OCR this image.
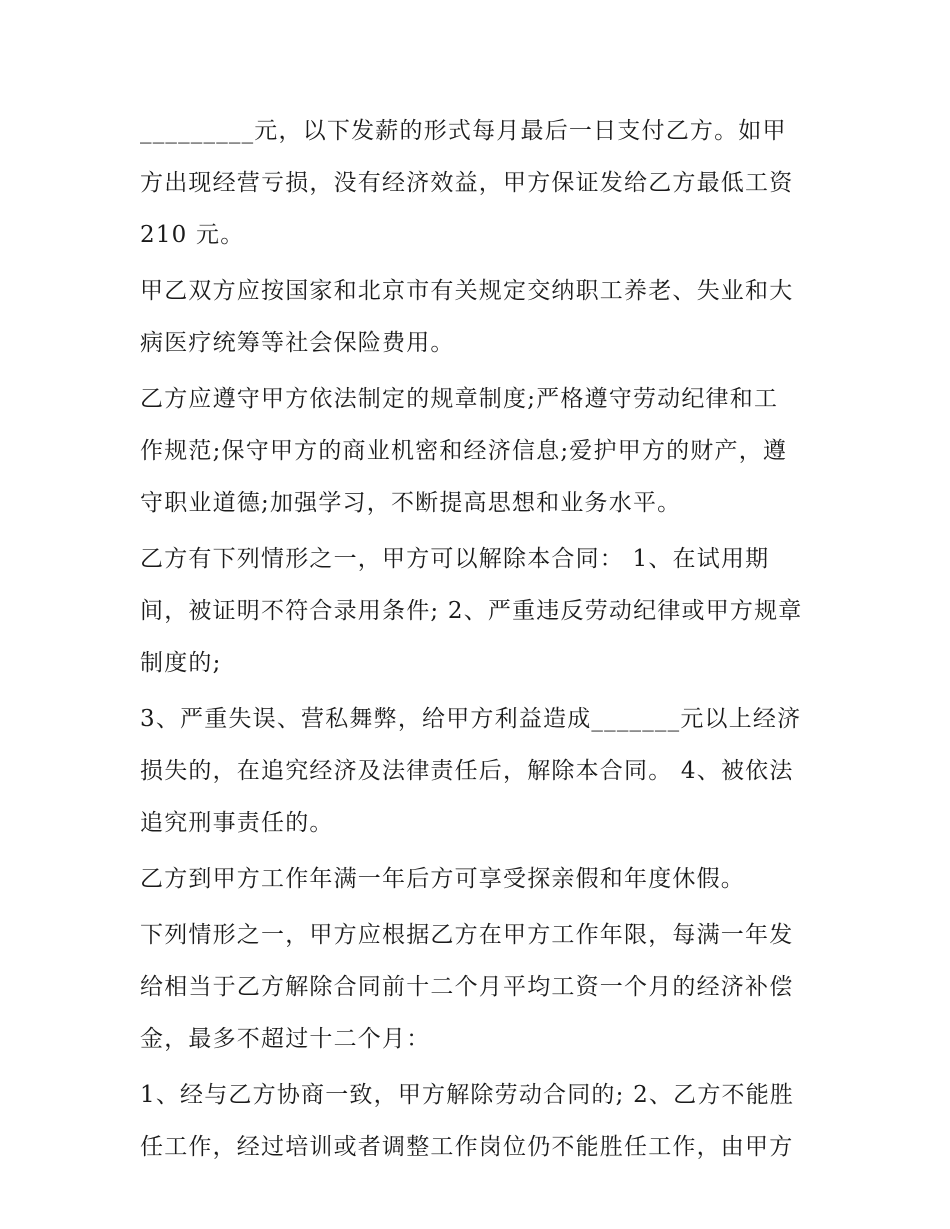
_________元，以下发薪的形式每月最后一日支付乙方。如甲
方出现经营亏损，没有经济效益，甲方保证发给乙方最低工资
210 元。

甲乙双方应按国家和北京市有关规定交纳职工养老、失业和大
病医疗统筹等社会保险费用。

乙方应遵守甲方依法制定的规章制度;严格遵守劳动纪律和工
作规范;保守甲方的商业机密和经济信息;爱护甲方的财产，遵
守职业道德;加强学习，不断提高思想和业务水平。

乙方有下列情形之一，甲方可以解除本合同： 1、在试用期
间，被证明不符合录用条件; 2、严重违反劳动纪律或甲方规章
制度的;

3、严重失误、营私舞弊，给甲方利益造成_______元以上经济
损失的，在追究经济及法律责任后，解除本合同。 4、被依法
追究刑事责任的。

乙方到甲方工作年满一年后方可享受探亲假和年度休假。

下列情形之一，甲方应根据乙方在甲方工作年限，每满一年发
给相当于乙方解除合同前十二个月平均工资一个月的经济补偿
金，最多不超过十二个月：

1、经与乙方协商一致，甲方解除劳动合同的; 2、乙方不能胜
任工作，经过培训或者调整工作岗位仍不能胜任工作，由甲方
